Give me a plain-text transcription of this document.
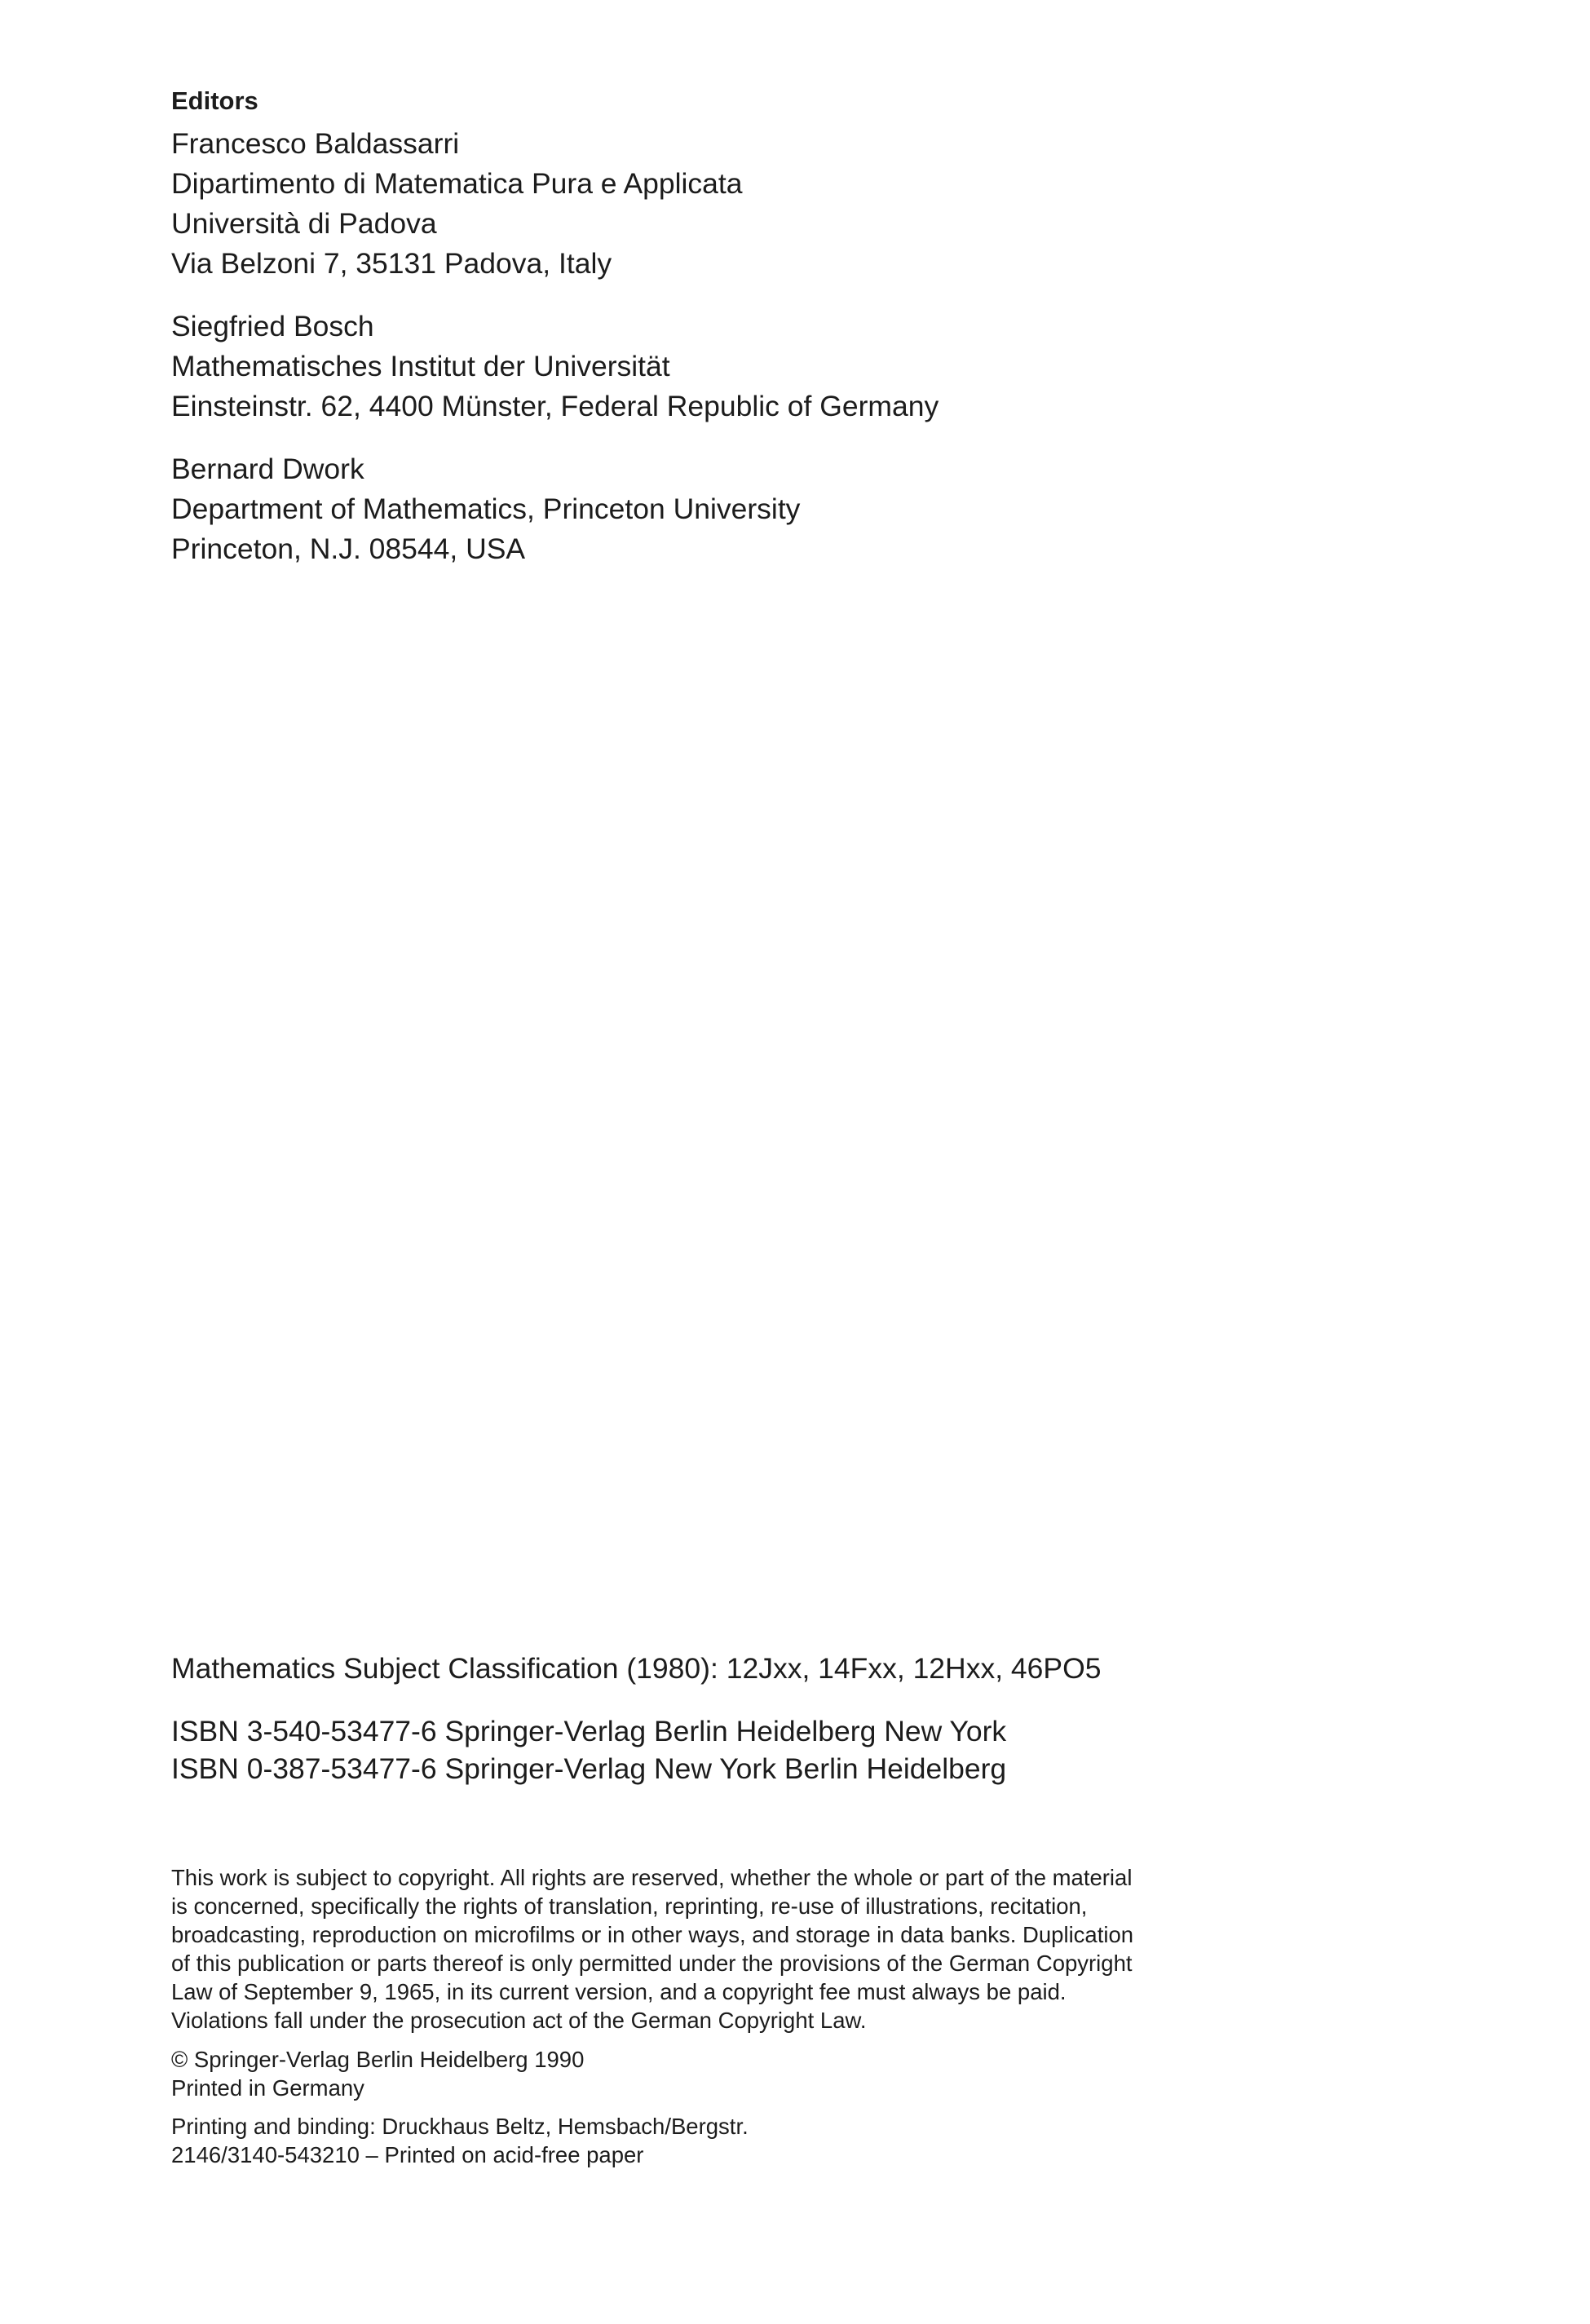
Editors
Francesco Baldassarri
Dipartimento di Matematica Pura e Applicata
Università di Padova
Via Belzoni 7, 35131 Padova, Italy
Siegfried Bosch
Mathematisches Institut der Universität
Einsteinstr. 62, 4400 Münster, Federal Republic of Germany
Bernard Dwork
Department of Mathematics, Princeton University
Princeton, N.J. 08544, USA
Mathematics Subject Classification (1980): 12Jxx, 14Fxx, 12Hxx, 46PO5
ISBN 3-540-53477-6 Springer-Verlag Berlin Heidelberg New York
ISBN 0-387-53477-6 Springer-Verlag New York Berlin Heidelberg
This work is subject to copyright. All rights are reserved, whether the whole or part of the material
is concerned, specifically the rights of translation, reprinting, re-use of illustrations, recitation,
broadcasting, reproduction on microfilms or in other ways, and storage in data banks. Duplication
of this publication or parts thereof is only permitted under the provisions of the German Copyright
Law of September 9, 1965, in its current version, and a copyright fee must always be paid.
Violations fall under the prosecution act of the German Copyright Law.
© Springer-Verlag Berlin Heidelberg 1990
Printed in Germany
Printing and binding: Druckhaus Beltz, Hemsbach/Bergstr.
2146/3140-543210 – Printed on acid-free paper
